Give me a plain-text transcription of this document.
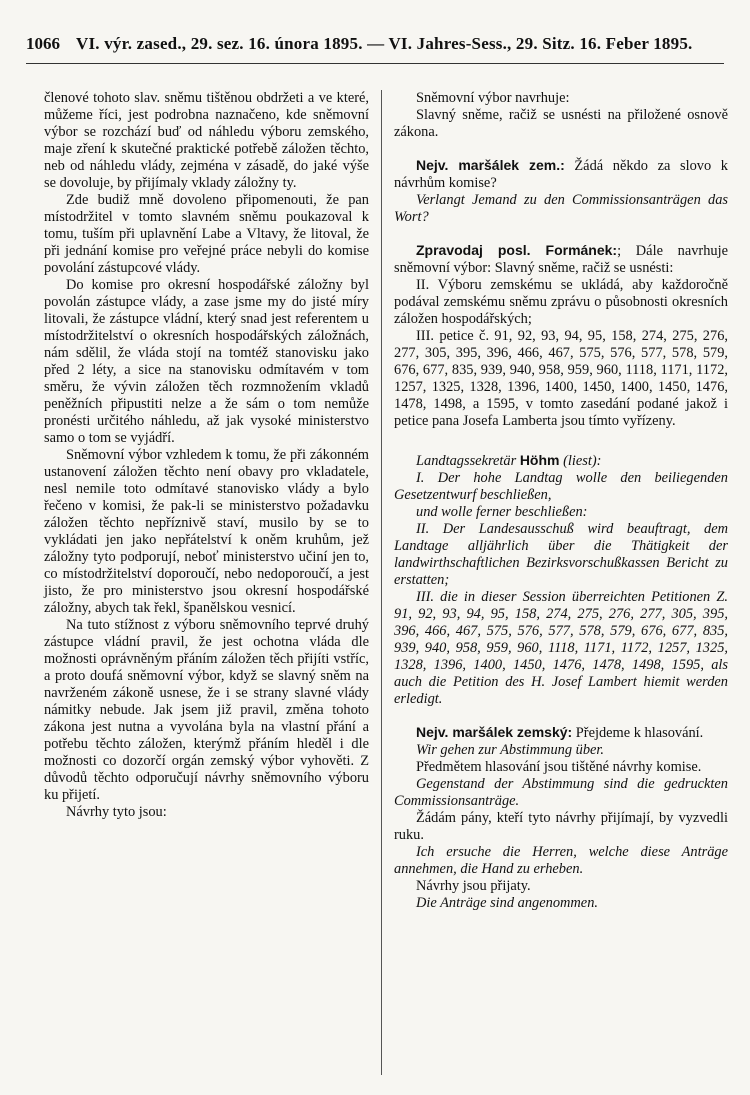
1066 VI. výr. zased., 29. sez. 16. února 1895. — VI. Jahres-Sess., 29. Sitz. 16. Feber 1895.

členové tohoto slav. sněmu tištěnou obdržeti a ve které, můžeme říci, jest podrobna naznačeno, kde sněmovní výbor se rozchází buď od náhledu výboru zemského, maje zření k skutečné praktické potřebě záložen těchto, neb od náhledu vlády, zejména v zásadě, do jaké výše se dovoluje, by přijímaly vklady záložny ty.

Zde budiž mně dovoleno připomenouti, že pan místodržitel v tomto slavném sněmu poukazoval k tomu, tuším při uplavnění Labe a Vltavy, že litoval, že při jednání komise pro veřejné práce nebyli do komise povolání zástupcové vlády.

Do komise pro okresní hospodářské záložny byl povolán zástupce vlády, a zase jsme my do jisté míry litovali, že zástupce vládní, který snad jest referentem u místodržitelství o okresních hospodářských záložnách, nám sdělil, že vláda stojí na tomtéž stanovisku jako před 2 léty, a sice na stanovisku odmítavém v tom směru, že vývin záložen těch rozmnožením vkladů peněžních připustiti nelze a že sám o tom nemůže pronésti určitého náhledu, až jak vysoké ministerstvo samo o tom se vyjádří.

Sněmovní výbor vzhledem k tomu, že při zákonném ustanovení záložen těchto není obavy pro vkladatele, nesl nemile toto odmítavé stanovisko vlády a bylo řečeno v komisi, že pak-li se ministerstvo požadavku záložen těchto nepříznivě staví, musilo by se to vykládati jen jako nepřátelství k oněm kruhům, jež záložny tyto podporují, neboť ministerstvo učiní jen to, co místodržitelství doporoučí, nebo nedoporoučí, a jest jisto, že pro ministerstvo jsou okresní hospodářské záložny, abych tak řekl, španělskou vesnicí.

Na tuto stížnost z výboru sněmovního teprvé druhý zástupce vládní pravil, že jest ochotna vláda dle možnosti oprávněným přáním záložen těch přijíti vstříc, a proto doufá sněmovní výbor, když se slavný sněm na navrženém zákoně usnese, že i se strany slavné vlády námitky nebude. Jak jsem již pravil, změna tohoto zákona jest nutna a vyvolána byla na vlastní přání a potřebu těchto záložen, kterýmž přáním hleděl i dle možnosti co dozorčí orgán zemský výbor vyhověti. Z důvodů těchto odporučují návrhy sněmovního výboru ku přijetí.

Návrhy tyto jsou:

Sněmovní výbor navrhuje:

Slavný sněme, račiž se usnésti na přiložené osnově zákona.

Nejv. maršálek zem.: Žádá někdo za slovo k návrhům komise?

Verlangt Jemand zu den Commissionsanträgen das Wort?

Zpravodaj posl. Formánek:; Dále navrhuje sněmovní výbor: Slavný sněme, račiž se usnésti:

II. Výboru zemskému se ukládá, aby každoročně podával zemskému sněmu zprávu o působnosti okresních záložen hospodářských;

III. petice č. 91, 92, 93, 94, 95, 158, 274, 275, 276, 277, 305, 395, 396, 466, 467, 575, 576, 577, 578, 579, 676, 677, 835, 939, 940, 958, 959, 960, 1118, 1171, 1172, 1257, 1325, 1328, 1396, 1400, 1450, 1400, 1450, 1476, 1478, 1498, a 1595, v tomto zasedání podané jakož i petice pana Josefa Lamberta jsou tímto vyřízeny.

Landtagssekretär Höhm (liest):

I. Der hohe Landtag wolle den beiliegenden Gesetzentwurf beschließen,

und wolle ferner beschließen:

II. Der Landesausschuß wird beauftragt, dem Landtage alljährlich über die Thätigkeit der landwirthschaftlichen Bezirksvorschußkassen Bericht zu erstatten;

III. die in dieser Session überreichten Petitionen Z. 91, 92, 93, 94, 95, 158, 274, 275, 276, 277, 305, 395, 396, 466, 467, 575, 576, 577, 578, 579, 676, 677, 835, 939, 940, 958, 959, 960, 1118, 1171, 1172, 1257, 1325, 1328, 1396, 1400, 1450, 1476, 1478, 1498, 1595, als auch die Petition des H. Josef Lambert hiemit werden erledigt.

Nejv. maršálek zemský: Přejdeme k hlasování.

Wir gehen zur Abstimmung über.

Předmětem hlasování jsou tištěné návrhy komise.

Gegenstand der Abstimmung sind die gedruckten Commissionsanträge.

Žádám pány, kteří tyto návrhy přijímají, by vyzvedli ruku.

Ich ersuche die Herren, welche diese Anträge annehmen, die Hand zu erheben.

Návrhy jsou přijaty.

Die Anträge sind angenommen.
